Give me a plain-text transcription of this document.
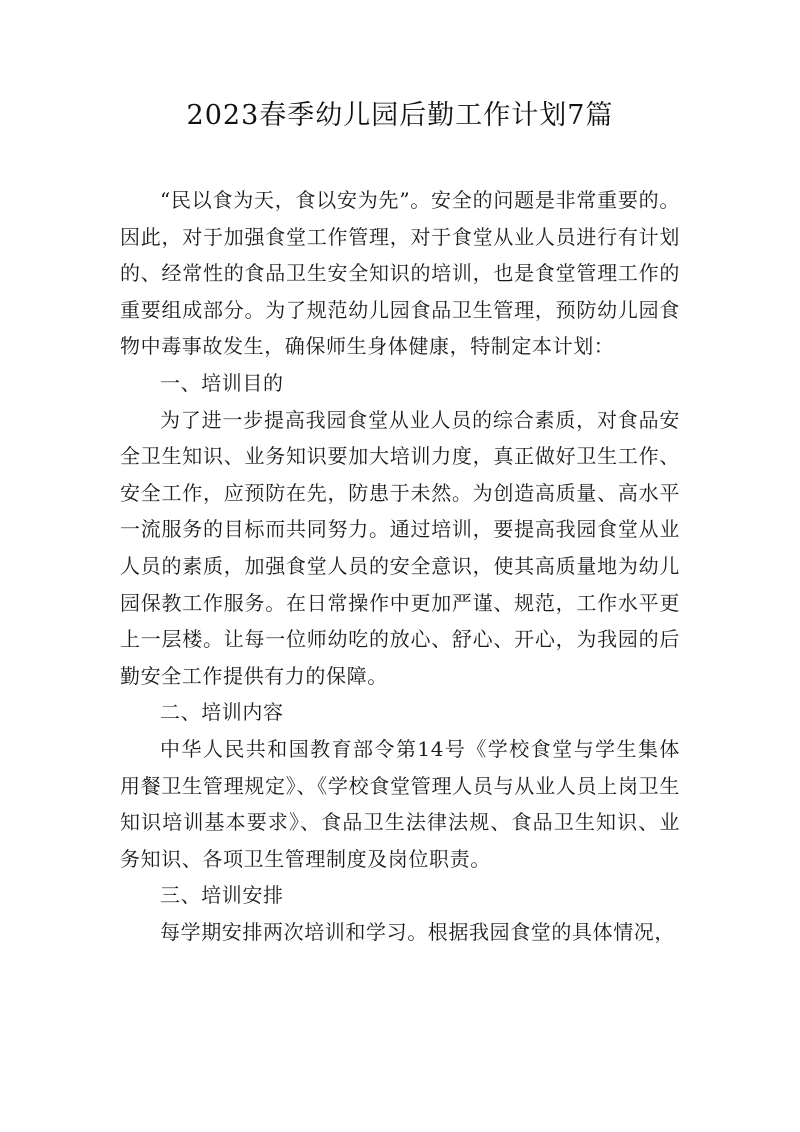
2023春季幼儿园后勤工作计划7篇

“民以食为天，食以安为先”。安全的问题是非常重要的。因此，对于加强食堂工作管理，对于食堂从业人员进行有计划的、经常性的食品卫生安全知识的培训，也是食堂管理工作的重要组成部分。为了规范幼儿园食品卫生管理，预防幼儿园食物中毒事故发生，确保师生身体健康，特制定本计划：

一、培训目的

为了进一步提高我园食堂从业人员的综合素质，对食品安全卫生知识、业务知识要加大培训力度，真正做好卫生工作、安全工作，应预防在先，防患于未然。为创造高质量、高水平一流服务的目标而共同努力。通过培训，要提高我园食堂从业人员的素质，加强食堂人员的安全意识，使其高质量地为幼儿园保教工作服务。在日常操作中更加严谨、规范，工作水平更上一层楼。让每一位师幼吃的放心、舒心、开心，为我园的后勤安全工作提供有力的保障。

二、培训内容

中华人民共和国教育部令第14号《学校食堂与学生集体用餐卫生管理规定》、《学校食堂管理人员与从业人员上岗卫生知识培训基本要求》、食品卫生法律法规、食品卫生知识、业务知识、各项卫生管理制度及岗位职责。

三、培训安排

每学期安排两次培训和学习。根据我园食堂的具体情况，
